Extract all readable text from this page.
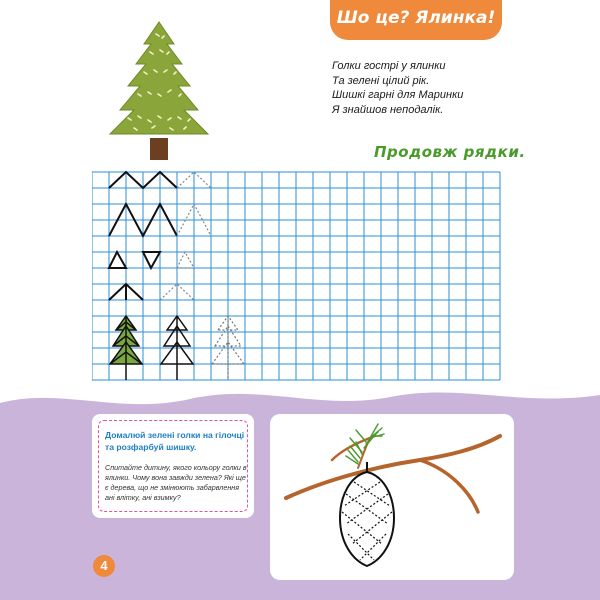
Шо це? Ялинка!
Голки гострі у ялинки
Та зелені цілий рік.
Шишкі гарні для Маринки
Я знайшов неподалік.
Продовж рядки.
Домалюй зелені голки на гілочці та розфарбуй шишку.
Спитайте дитину, якого кольору голки в ялинки. Чому вона завжди зелена? Які ще є дерева, що не змінюють забарвлення ані влітку, ані взимку?
4
